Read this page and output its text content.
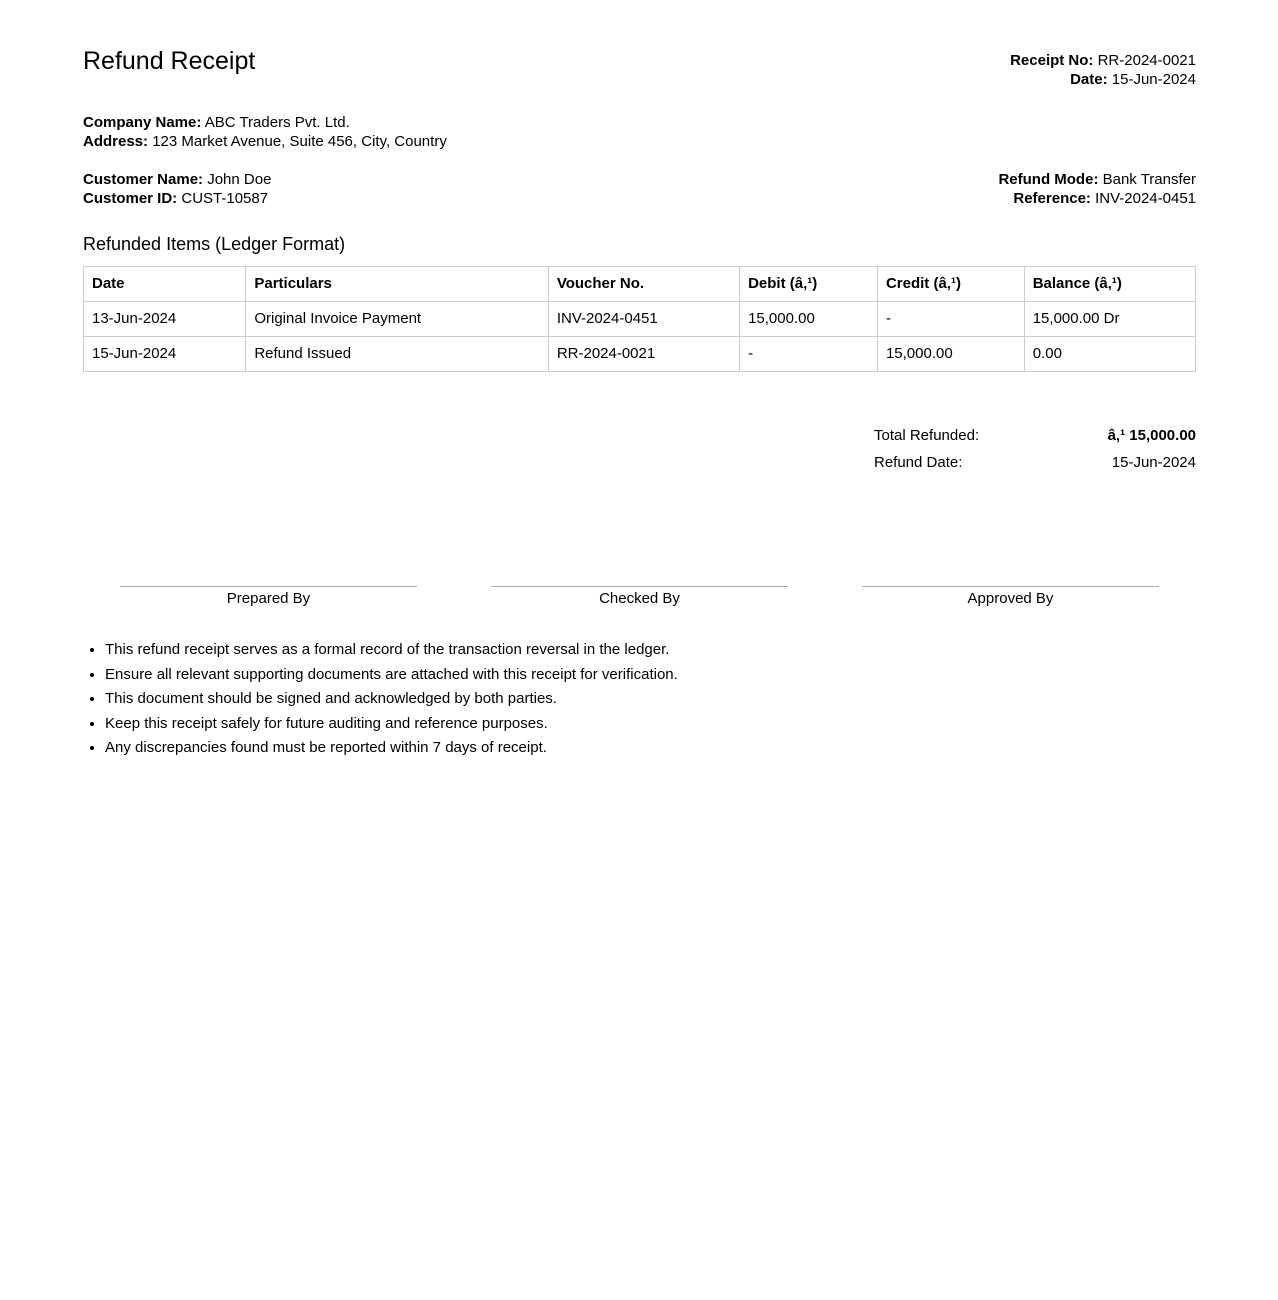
Refund Receipt	Receipt No: RR-2024-0021
Date: 15-Jun-2024
Company Name: ABC Traders Pvt. Ltd.
Address: 123 Market Avenue, Suite 456, City, Country
Customer Name: John Doe
Customer ID: CUST-10587
Refund Mode: Bank Transfer
Reference: INV-2024-0451
Refunded Items (Ledger Format)
Date	Particulars	Voucher No.	Debit (â‚¹)	Credit (â‚¹)	Balance (â‚¹)
13-Jun-2024	Original Invoice Payment	INV-2024-0451	15,000.00	-	15,000.00 Dr
15-Jun-2024	Refund Issued	RR-2024-0021	-	15,000.00	0.00
Total Refunded:	â‚¹ 15,000.00
Refund Date:	15-Jun-2024
Prepared By	Checked By	Approved By
• This refund receipt serves as a formal record of the transaction reversal in the ledger.
• Ensure all relevant supporting documents are attached with this receipt for verification.
• This document should be signed and acknowledged by both parties.
• Keep this receipt safely for future auditing and reference purposes.
• Any discrepancies found must be reported within 7 days of receipt.
